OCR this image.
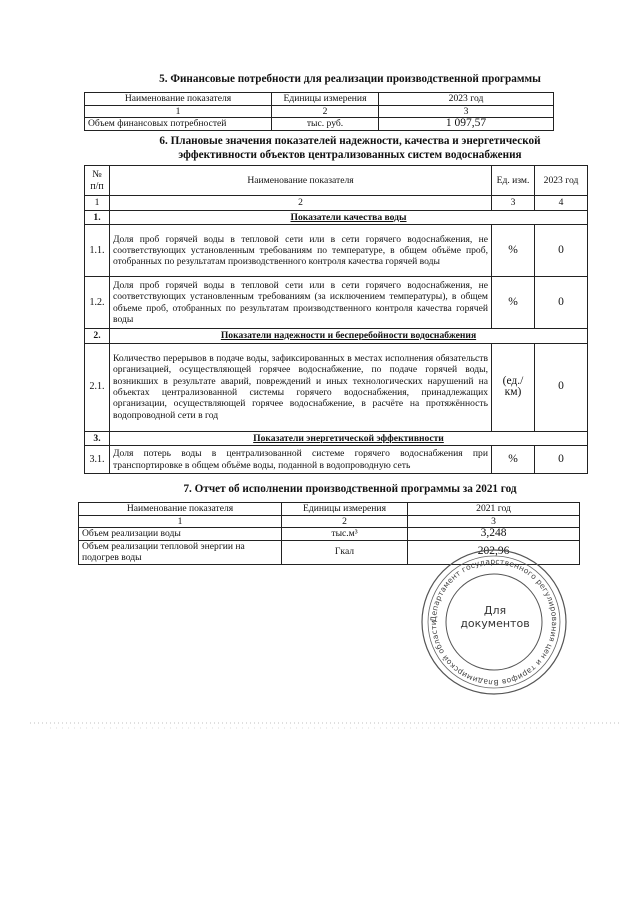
5. Финансовые потребности для реализации производственной программы
Наименование показателя	Единицы измерения	2023 год
1	2	3
Объем финансовых потребностей	тыс. руб.	1 097,57
6. Плановые значения показателей надежности, качества и энергетической
эффективности объектов централизованных систем водоснабжения
№ п/п	Наименование показателя	Ед. изм.	2023 год
1	2	3	4
1.	Показатели качества воды		
1.1.	Доля проб горячей воды в тепловой сети или в сети горячего водоснабжения, не соответствующих установленным требованиям по температуре, в общем объёме проб, отобранных по результатам производственного контроля качества горячей воды	%	0
1.2.	Доля проб горячей воды в тепловой сети или в сети горячего водоснабжения, не соответствующих установленным требованиям (за исключением температуры), в общем объеме проб, отобранных по результатам производственного контроля качества горячей воды	%	0
2.	Показатели надежности и бесперебойности водоснабжения		
2.1.	Количество перерывов в подаче воды, зафиксированных в местах исполнения обязательств организацией, осуществляющей горячее водоснабжение, по подаче горячей воды, возникших в результате аварий, повреждений и иных технологических нарушений на объектах централизованной системы горячего водоснабжения, принадлежащих организации, осуществляющей горячее водоснабжение, в расчёте на протяжённость водопроводной сети в год	(ед./км)	0
3.	Показатели энергетической эффективности		
3.1.	Доля потерь воды в централизованной системе горячего водоснабжения при транспортировке в общем объёме воды, поданной в водопроводную сеть	%	0
7. Отчет об исполнении производственной программы за 2021 год
Наименование показателя	Единицы измерения	2021 год
1	2	3
Объем реализации воды	тыс.м³	3,248
Объем реализации тепловой энергии на подогрев воды	Гкал	202,96
Департамент государственного регулирования цен и тарифов Владимирской области
Для документов
